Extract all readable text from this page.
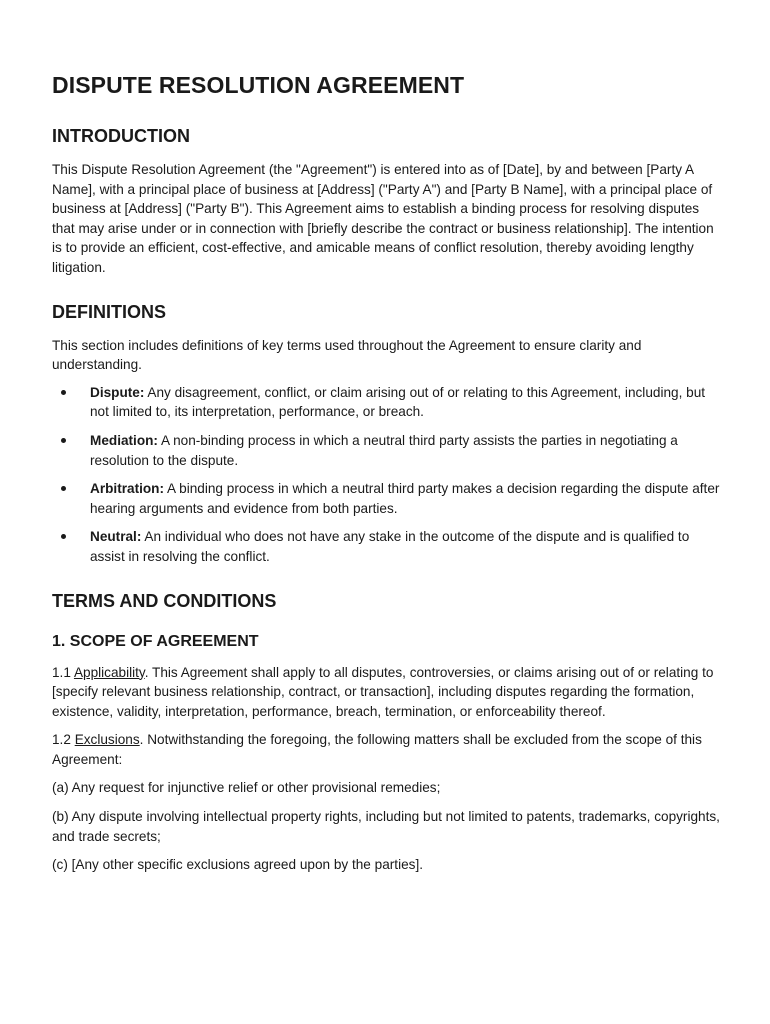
DISPUTE RESOLUTION AGREEMENT
INTRODUCTION

This Dispute Resolution Agreement (the "Agreement") is entered into as of [Date], by and between [Party A Name], with a principal place of business at [Address] ("Party A") and [Party B Name], with a principal place of business at [Address] ("Party B"). This Agreement aims to establish a binding process for resolving disputes that may arise under or in connection with [briefly describe the contract or business relationship]. The intention is to provide an efficient, cost-effective, and amicable means of conflict resolution, thereby avoiding lengthy litigation.

DEFINITIONS

This section includes definitions of key terms used throughout the Agreement to ensure clarity and understanding.

Dispute: Any disagreement, conflict, or claim arising out of or relating to this Agreement, including, but not limited to, its interpretation, performance, or breach.
Mediation: A non-binding process in which a neutral third party assists the parties in negotiating a resolution to the dispute.
Arbitration: A binding process in which a neutral third party makes a decision regarding the dispute after hearing arguments and evidence from both parties.
Neutral: An individual who does not have any stake in the outcome of the dispute and is qualified to assist in resolving the conflict.
TERMS AND CONDITIONS
1. SCOPE OF AGREEMENT

1.1 Applicability. This Agreement shall apply to all disputes, controversies, or claims arising out of or relating to [specify relevant business relationship, contract, or transaction], including disputes regarding the formation, existence, validity, interpretation, performance, breach, termination, or enforceability thereof.

1.2 Exclusions. Notwithstanding the foregoing, the following matters shall be excluded from the scope of this Agreement:

(a) Any request for injunctive relief or other provisional remedies;

(b) Any dispute involving intellectual property rights, including but not limited to patents, trademarks, copyrights, and trade secrets;

(c) [Any other specific exclusions agreed upon by the parties].
